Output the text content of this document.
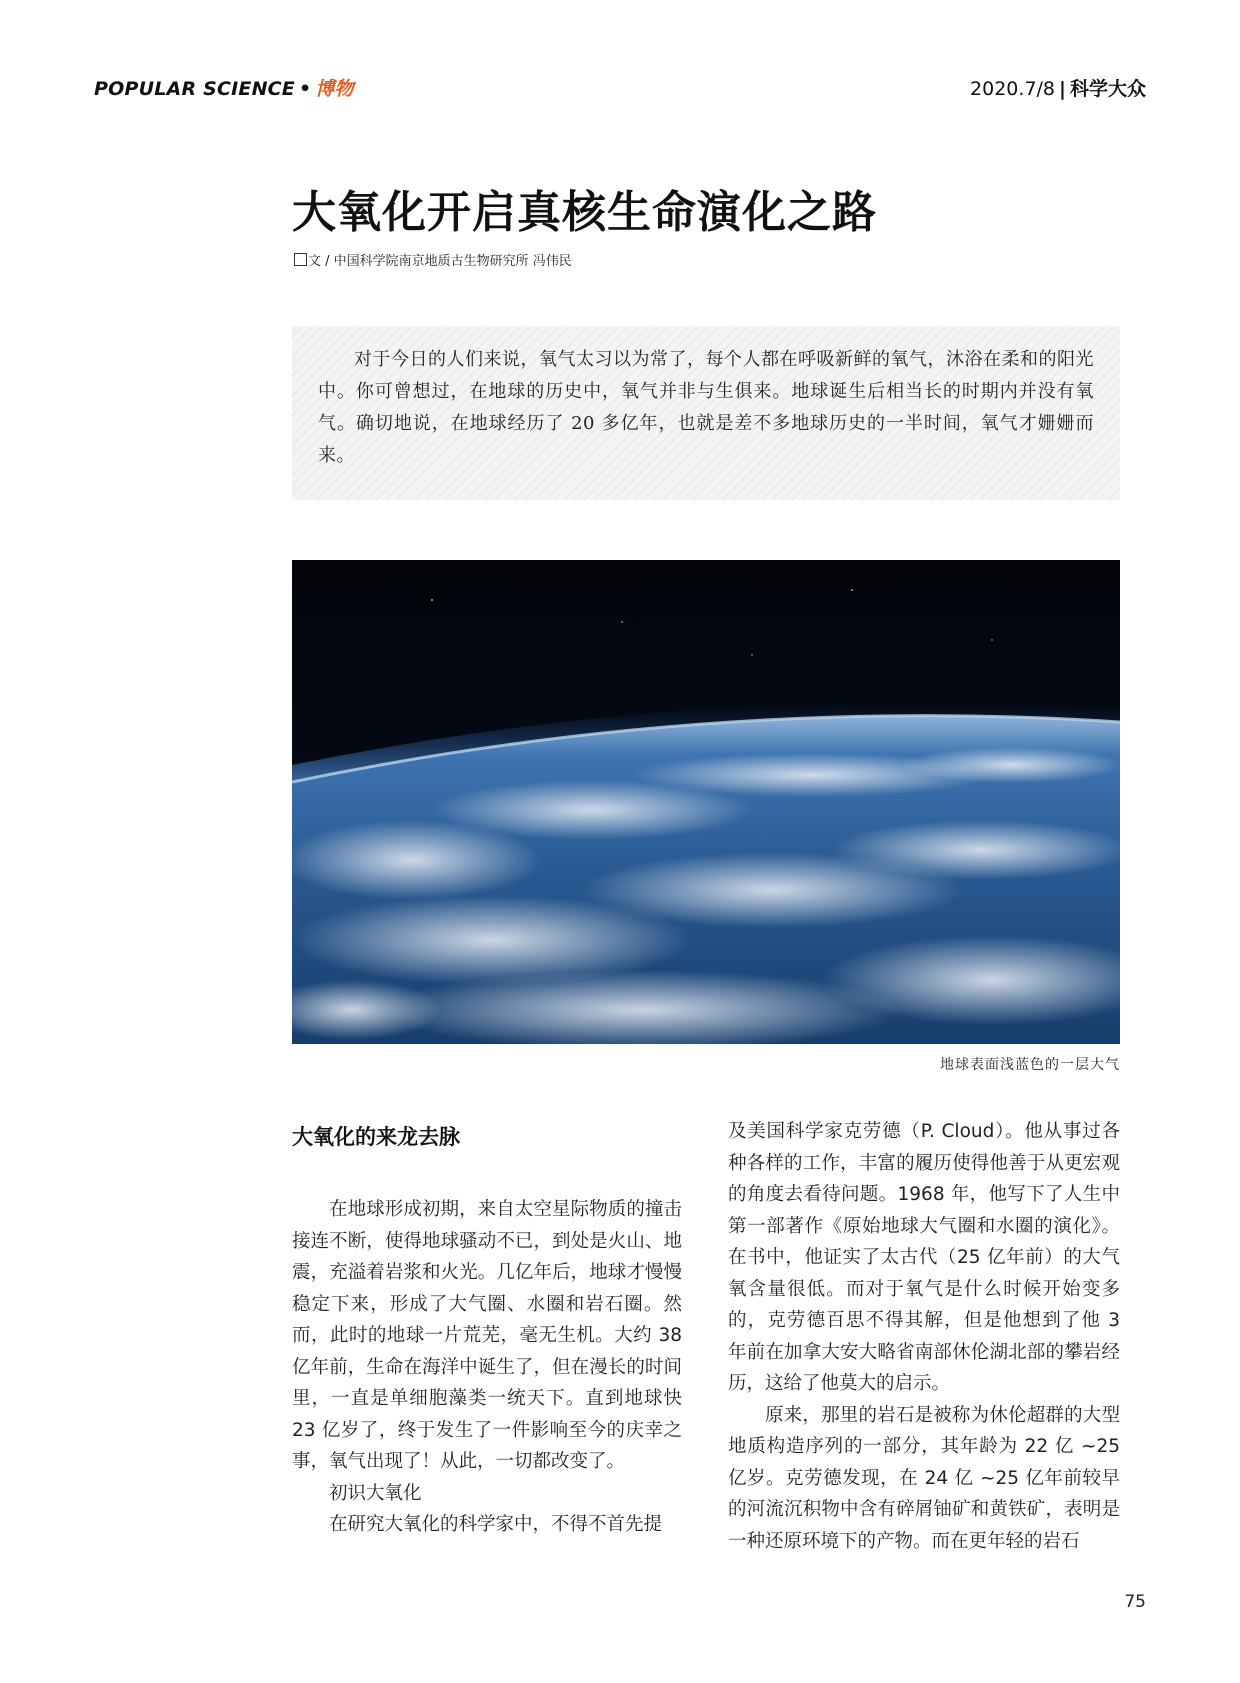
POPULAR SCIENCE • 博物	2020.7/8 | 科学大众
大氧化开启真核生命演化之路
文 / 中国科学院南京地质古生物研究所 冯伟民

对于今日的人们来说，氧气太习以为常了，每个人都在呼吸新鲜的氧气，沐浴在柔和的阳光中。你可曾想过，在地球的历史中，氧气并非与生俱来。地球诞生后相当长的时期内并没有氧气。确切地说，在地球经历了 20 多亿年，也就是差不多地球历史的一半时间，氧气才姗姗而来。

地球表面浅蓝色的一层大气
大氧化的来龙去脉

在地球形成初期，来自太空星际物质的撞击接连不断，使得地球骚动不已，到处是火山、地震，充溢着岩浆和火光。几亿年后，地球才慢慢稳定下来，形成了大气圈、水圈和岩石圈。然而，此时的地球一片荒芜，毫无生机。大约 38 亿年前，生命在海洋中诞生了，但在漫长的时间里，一直是单细胞藻类一统天下。直到地球快 23 亿岁了，终于发生了一件影响至今的庆幸之事，氧气出现了！从此，一切都改变了。

初识大氧化

在研究大氧化的科学家中，不得不首先提

及美国科学家克劳德（P. Cloud）。他从事过各种各样的工作，丰富的履历使得他善于从更宏观的角度去看待问题。1968 年，他写下了人生中第一部著作《原始地球大气圈和水圈的演化》。在书中，他证实了太古代（25 亿年前）的大气氧含量很低。而对于氧气是什么时候开始变多的，克劳德百思不得其解，但是他想到了他 3 年前在加拿大安大略省南部休伦湖北部的攀岩经历，这给了他莫大的启示。

原来，那里的岩石是被称为休伦超群的大型地质构造序列的一部分，其年龄为 22 亿 ~25 亿岁。克劳德发现，在 24 亿 ~25 亿年前较早的河流沉积物中含有碎屑铀矿和黄铁矿，表明是一种还原环境下的产物。而在更年轻的岩石

75
